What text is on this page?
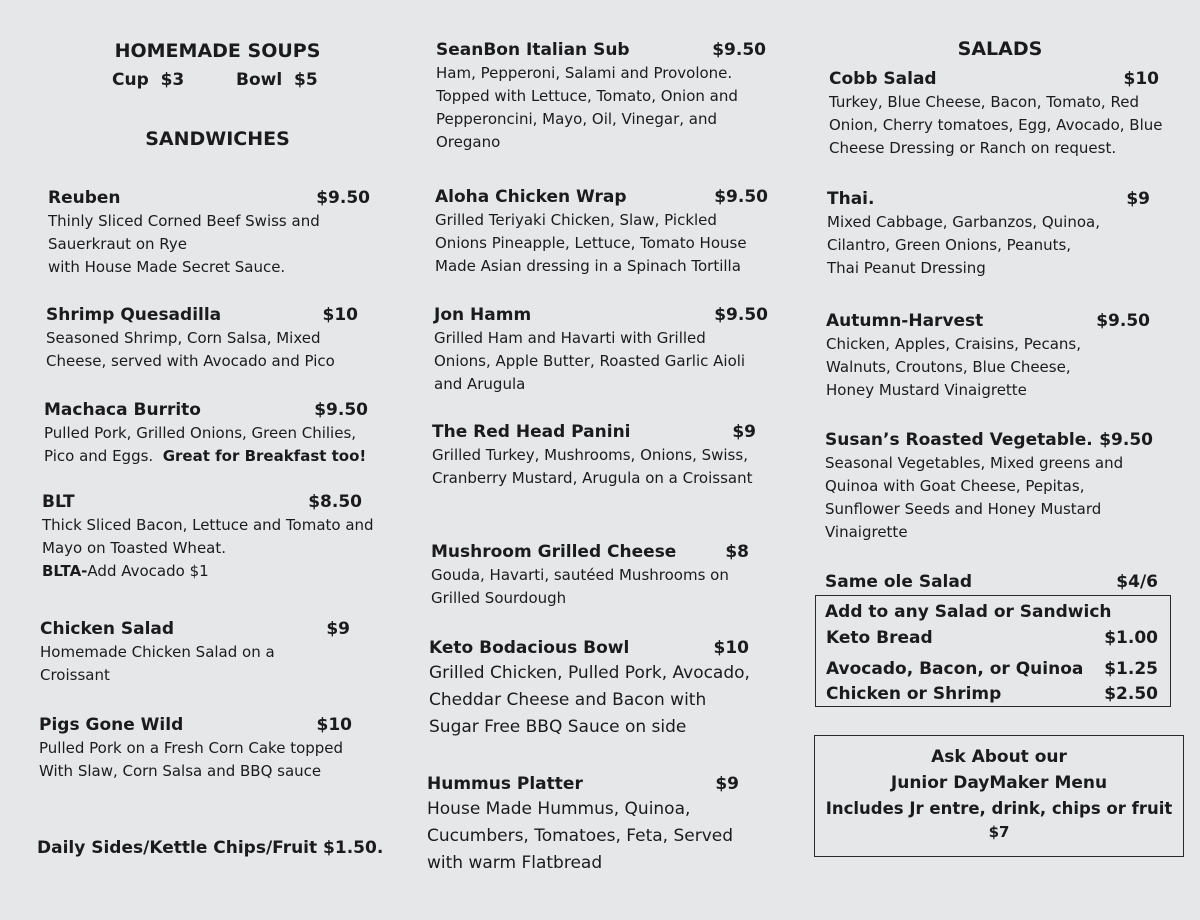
HOMEMADE SOUPS
Cup  $3	Bowl  $5
SANDWICHES
Reuben	$9.50
Thinly Sliced Corned Beef Swiss and
Sauerkraut on Rye
with House Made Secret Sauce.
Shrimp Quesadilla	$10
Seasoned Shrimp, Corn Salsa, Mixed
Cheese, served with Avocado and Pico
Machaca Burrito	$9.50
Pulled Pork, Grilled Onions, Green Chilies,
Pico and Eggs. Great for Breakfast too!
BLT	$8.50
Thick Sliced Bacon, Lettuce and Tomato and
Mayo on Toasted Wheat.
BLTA-Add Avocado $1
Chicken Salad	$9
Homemade Chicken Salad on a
Croissant
Pigs Gone Wild	$10
Pulled Pork on a Fresh Corn Cake topped
With Slaw, Corn Salsa and BBQ sauce
Daily Sides/Kettle Chips/Fruit $1.50.
SeanBon Italian Sub	$9.50
Ham, Pepperoni, Salami and Provolone.
Topped with Lettuce, Tomato, Onion and
Pepperoncini, Mayo, Oil, Vinegar, and
Oregano
Aloha Chicken Wrap	$9.50
Grilled Teriyaki Chicken, Slaw, Pickled
Onions Pineapple, Lettuce, Tomato House
Made Asian dressing in a Spinach Tortilla
Jon Hamm	$9.50
Grilled Ham and Havarti with Grilled
Onions, Apple Butter, Roasted Garlic Aioli
and Arugula
The Red Head Panini	$9
Grilled Turkey, Mushrooms, Onions, Swiss,
Cranberry Mustard, Arugula on a Croissant
Mushroom Grilled Cheese	$8
Gouda, Havarti, sautéed Mushrooms on
Grilled Sourdough
Keto Bodacious Bowl	$10
Grilled Chicken, Pulled Pork, Avocado,
Cheddar Cheese and Bacon with
Sugar Free BBQ Sauce on side
Hummus Platter	$9
House Made Hummus, Quinoa,
Cucumbers, Tomatoes, Feta, Served
with warm Flatbread
SALADS
Cobb Salad	$10
Turkey, Blue Cheese, Bacon, Tomato, Red
Onion, Cherry tomatoes, Egg, Avocado, Blue
Cheese Dressing or Ranch on request.
Thai.	$9
Mixed Cabbage, Garbanzos, Quinoa,
Cilantro, Green Onions, Peanuts,
Thai Peanut Dressing
Autumn-Harvest	$9.50
Chicken, Apples, Craisins, Pecans,
Walnuts, Croutons, Blue Cheese,
Honey Mustard Vinaigrette
Susan’s Roasted Vegetable. $9.50
Seasonal Vegetables, Mixed greens and
Quinoa with Goat Cheese, Pepitas,
Sunflower Seeds and Honey Mustard
Vinaigrette
Same ole Salad	$4/6
Add to any Salad or Sandwich
Keto Bread	$1.00
Avocado, Bacon, or Quinoa $1.25
Chicken or Shrimp	$2.50
Ask About our
Junior DayMaker Menu
Includes Jr entre, drink, chips or fruit
$7
